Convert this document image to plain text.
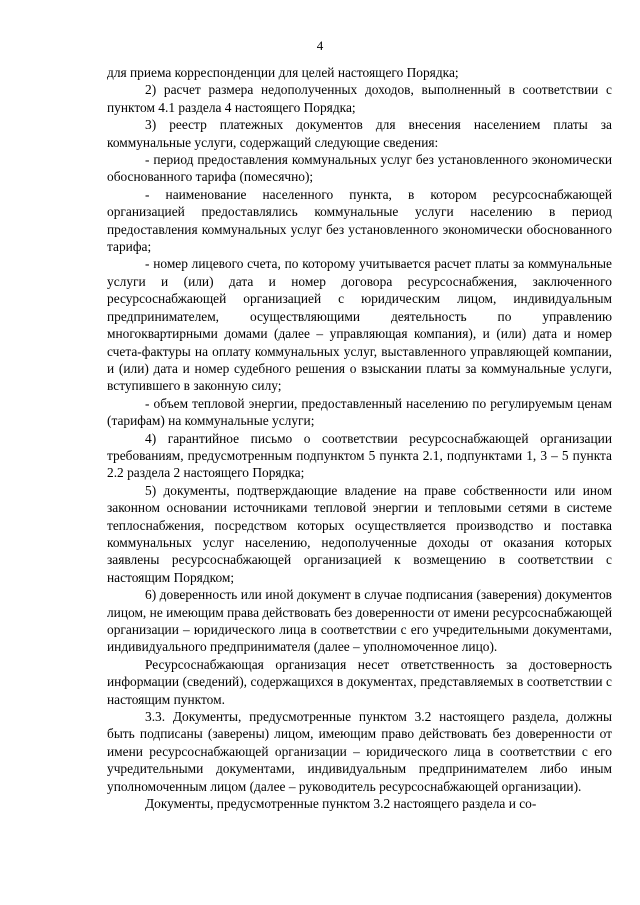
4

для приема корреспонденции для целей настоящего Порядка;

2) расчет размера недополученных доходов, выполненный в соответствии с пунктом 4.1 раздела 4 настоящего Порядка;

3) реестр платежных документов для внесения населением платы за коммунальные услуги, содержащий следующие сведения:

- период предоставления коммунальных услуг без установленного экономически обоснованного тарифа (помесячно);

- наименование населенного пункта, в котором ресурсоснабжающей организацией предоставлялись коммунальные услуги населению в период предоставления коммунальных услуг без установленного экономически обоснованного тарифа;

- номер лицевого счета, по которому учитывается расчет платы за коммунальные услуги и (или) дата и номер договора ресурсоснабжения, заключенного ресурсоснабжающей организацией с юридическим лицом, индивидуальным предпринимателем, осуществляющими деятельность по управлению многоквартирными домами (далее – управляющая компания), и (или) дата и номер счета-фактуры на оплату коммунальных услуг, выставленного управляющей компании, и (или) дата и номер судебного решения о взыскании платы за коммунальные услуги, вступившего в законную силу;

- объем тепловой энергии, предоставленный населению по регулируемым ценам (тарифам) на коммунальные услуги;

4) гарантийное письмо о соответствии ресурсоснабжающей организации требованиям, предусмотренным подпунктом 5 пункта 2.1, подпунктами 1, 3 – 5 пункта 2.2 раздела 2 настоящего Порядка;

5) документы, подтверждающие владение на праве собственности или ином законном основании источниками тепловой энергии и тепловыми сетями в системе теплоснабжения, посредством которых осуществляется производство и поставка коммунальных услуг населению, недополученные доходы от оказания которых заявлены ресурсоснабжающей организацией к возмещению в соответствии с настоящим Порядком;

6) доверенность или иной документ в случае подписания (заверения) документов лицом, не имеющим права действовать без доверенности от имени ресурсоснабжающей организации – юридического лица в соответствии с его учредительными документами, индивидуального предпринимателя (далее – уполномоченное лицо).

Ресурсоснабжающая организация несет ответственность за достоверность информации (сведений), содержащихся в документах, представляемых в соответствии с настоящим пунктом.

3.3. Документы, предусмотренные пунктом 3.2 настоящего раздела, должны быть подписаны (заверены) лицом, имеющим право действовать без доверенности от имени ресурсоснабжающей организации – юридического лица в соответствии с его учредительными документами, индивидуальным предпринимателем либо иным уполномоченным лицом (далее – руководитель ресурсоснабжающей организации).

Документы, предусмотренные пунктом 3.2 настоящего раздела и со-
